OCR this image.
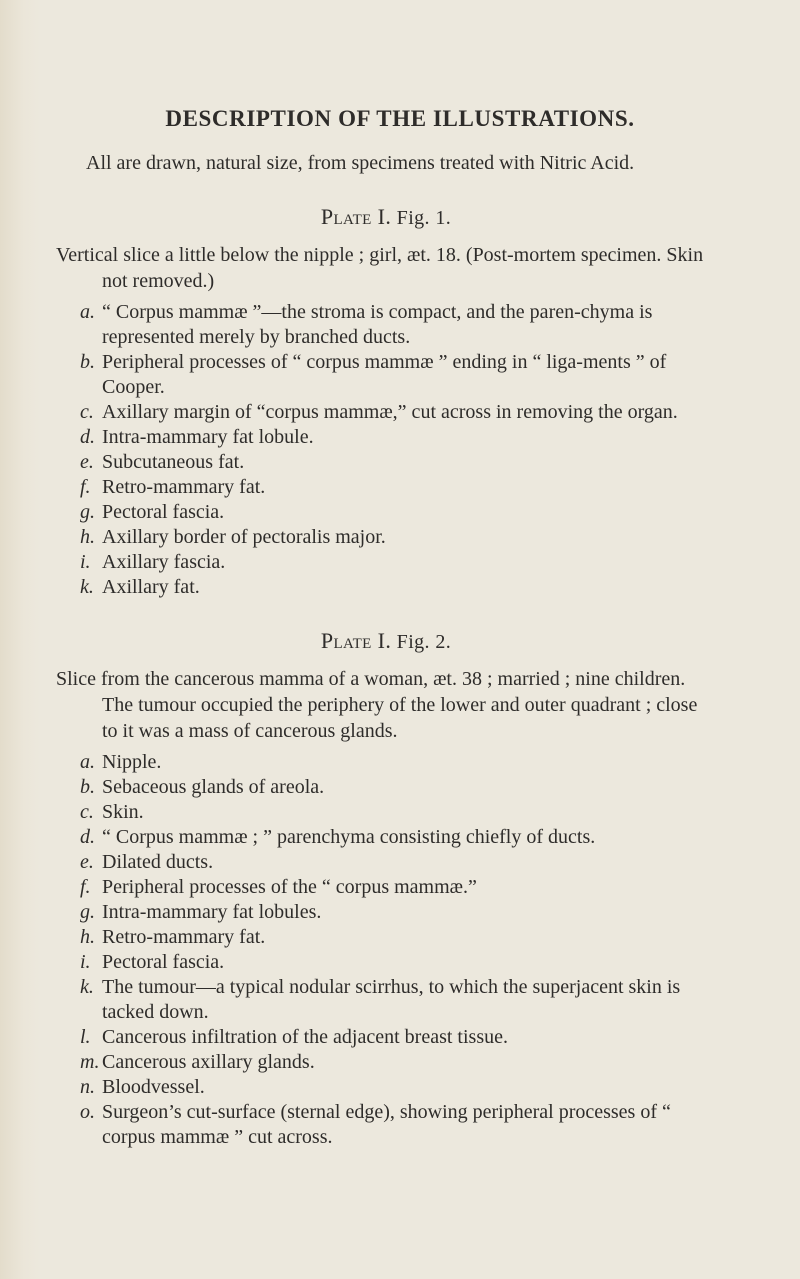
DESCRIPTION OF THE ILLUSTRATIONS.

All are drawn, natural size, from specimens treated with Nitric Acid.

Plate I. Fig. 1.

Vertical slice a little below the nipple ; girl, æt. 18. (Post-mortem specimen. Skin not removed.)

a. “ Corpus mammæ ”—the stroma is compact, and the paren-chyma is represented merely by branched ducts.
b. Peripheral processes of “ corpus mammæ ” ending in “ liga-ments ” of Cooper.
c. Axillary margin of “corpus mammæ,” cut across in removing the organ.
d. Intra-mammary fat lobule.
e. Subcutaneous fat.
f. Retro-mammary fat.
g. Pectoral fascia.
h. Axillary border of pectoralis major.
i. Axillary fascia.
k. Axillary fat.
Plate I. Fig. 2.

Slice from the cancerous mamma of a woman, æt. 38 ; married ; nine children. The tumour occupied the periphery of the lower and outer quadrant ; close to it was a mass of cancerous glands.

a. Nipple.
b. Sebaceous glands of areola.
c. Skin.
d. “ Corpus mammæ ; ” parenchyma consisting chiefly of ducts.
e. Dilated ducts.
f. Peripheral processes of the “ corpus mammæ.”
g. Intra-mammary fat lobules.
h. Retro-mammary fat.
i. Pectoral fascia.
k. The tumour—a typical nodular scirrhus, to which the superjacent skin is tacked down.
l. Cancerous infiltration of the adjacent breast tissue.
m. Cancerous axillary glands.
n. Bloodvessel.
o. Surgeon’s cut-surface (sternal edge), showing peripheral processes of “ corpus mammæ ” cut across.
